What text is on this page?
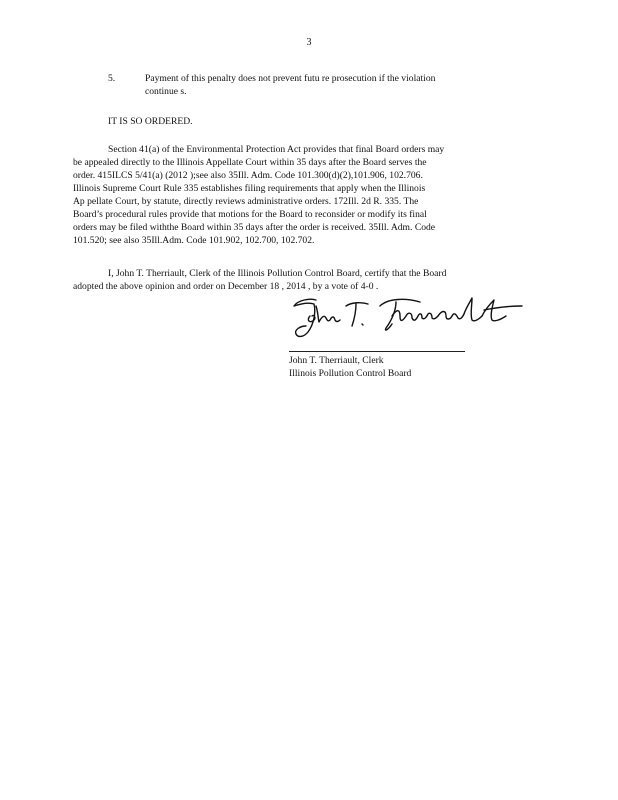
3
5.	Payment of this penalty does not prevent futu re prosecution if the violation
continue s.
IT IS SO ORDERED.
Section 41(a) of the Environmental Protection Act provides that final Board orders may
be appealed directly to the Illinois Appellate Court within 35 days after the Board serves the
order. 415ILCS 5/41(a) (2012 );see also 35Ill. Adm. Code 101.300(d)(2),101.906, 102.706.
Illinois Supreme Court Rule 335 establishes filing requirements that apply when the Illinois
Ap pellate Court, by statute, directly reviews administrative orders. 172Ill. 2d R. 335. The
Board’s procedural rules provide that motions for the Board to reconsider or modify its final
orders may be filed withthe Board within 35 days after the order is received. 35Ill. Adm. Code
101.520; see also 35Ill.Adm. Code 101.902, 102.700, 102.702.
I, John T. Therriault, Clerk of the Illinois Pollution Control Board, certify that the Board
adopted the above opinion and order on December 18 , 2014 , by a vote of 4-0 .
John T. Therriault, Clerk
Illinois Pollution Control Board
